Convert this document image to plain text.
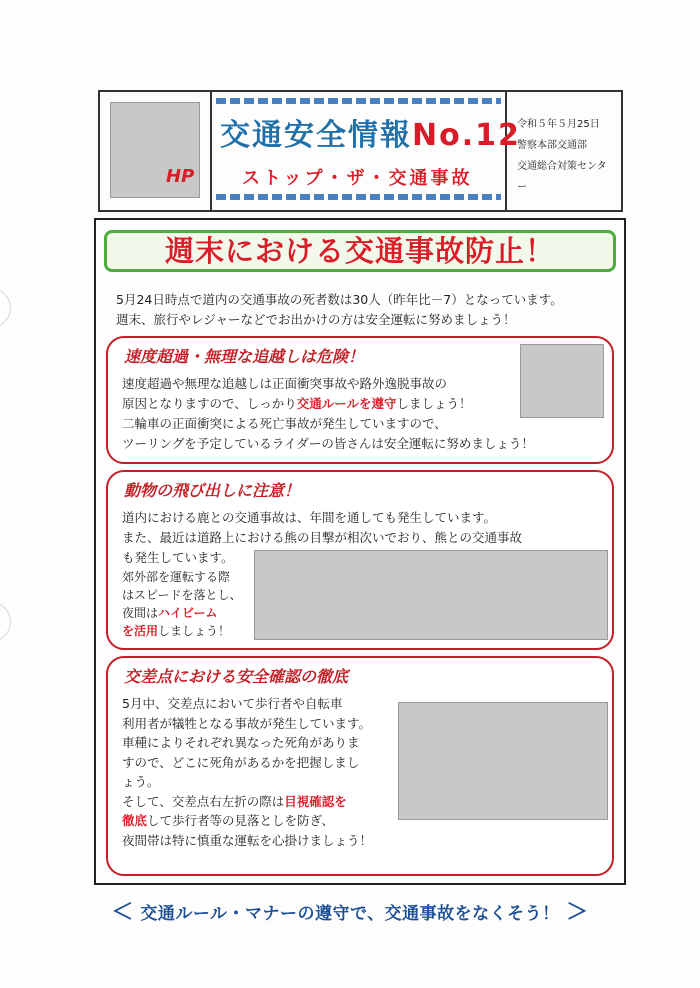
HP
交通安全情報No.12
ストップ・ザ・交通事故
令和５年５月25日
警察本部交通部
交通総合対策センター
週末における交通事故防止！
5月24日時点で道内の交通事故の死者数は30人（昨年比－7）となっています。
週末、旅行やレジャーなどでお出かけの方は安全運転に努めましょう！
速度超過・無理な追越しは危険！
速度超過や無理な追越しは正面衝突事故や路外逸脱事故の
原因となりますので、しっかり交通ルールを遵守しましょう！
二輪車の正面衝突による死亡事故が発生していますので、
ツーリングを予定しているライダーの皆さんは安全運転に努めましょう！
動物の飛び出しに注意！
道内における鹿との交通事故は、年間を通しても発生しています。
また、最近は道路上における熊の目撃が相次いでおり、熊との交通事故
も発生しています。
郊外部を運転する際
はスピードを落とし、
夜間はハイビーム
を活用しましょう！
交差点における安全確認の徹底
5月中、交差点において歩行者や自転車
利用者が犠牲となる事故が発生しています。
車種によりそれぞれ異なった死角がありま
すので、どこに死角があるかを把握しまし
ょう。
そして、交差点右左折の際は目視確認を
徹底して歩行者等の見落としを防ぎ、
夜間帯は特に慎重な運転を心掛けましょう！
＜ 交通ルール・マナーの遵守で、交通事故をなくそう！ ＞
